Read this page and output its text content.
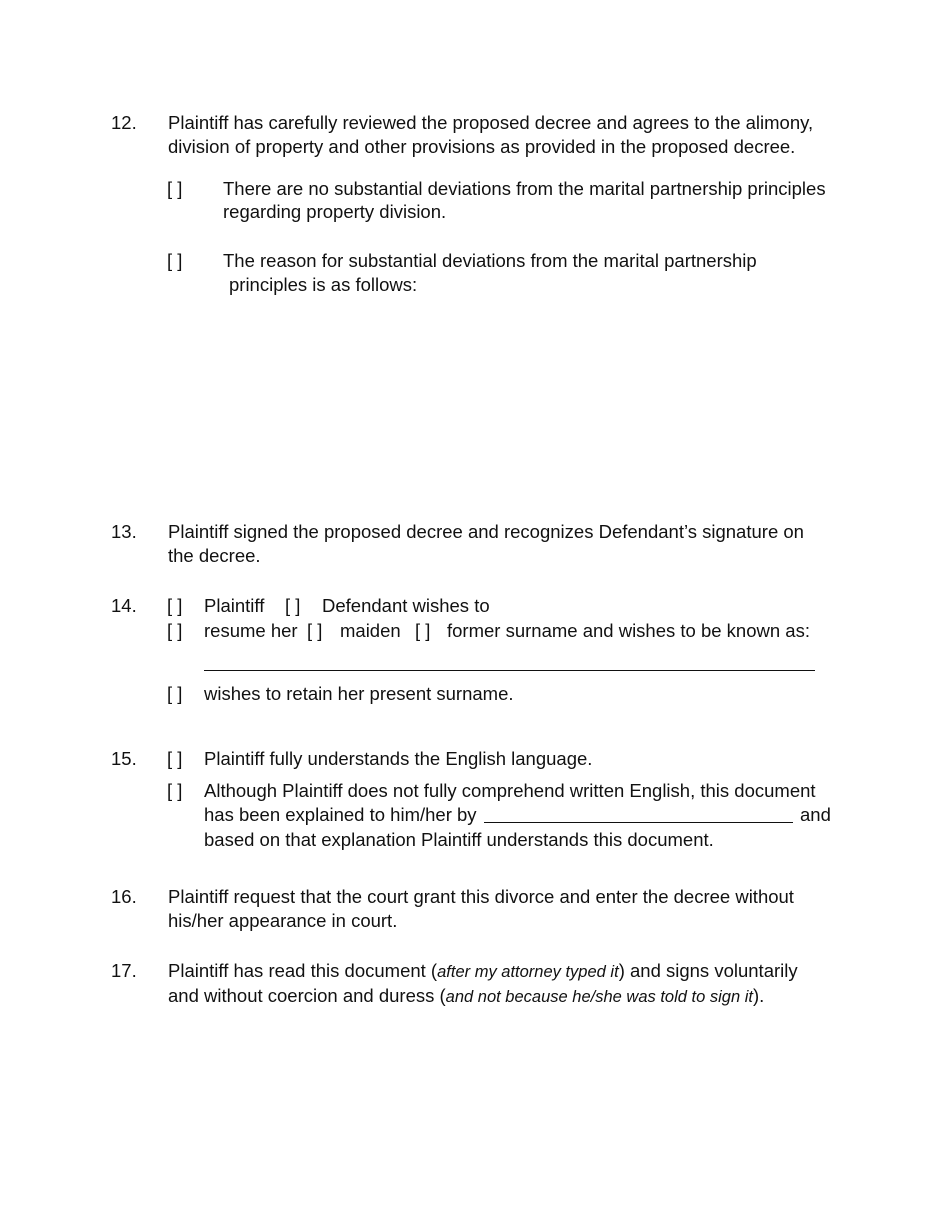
12. Plaintiff has carefully reviewed the proposed decree and agrees to the alimony,
division of property and other provisions as provided in the proposed decree.
[ ] There are no substantial deviations from the marital partnership principles
regarding property division.
[ ] The reason for substantial deviations from the marital partnership
principles is as follows:
13. Plaintiff signed the proposed decree and recognizes Defendant’s signature on
the decree.
14. [ ] Plaintiff [ ] Defendant wishes to
[ ] resume her [ ] maiden [ ] former surname and wishes to be known as:
[ ] wishes to retain her present surname.
15. [ ] Plaintiff fully understands the English language.
[ ] Although Plaintiff does not fully comprehend written English, this document
has been explained to him/her by	and
based on that explanation Plaintiff understands this document.
16. Plaintiff request that the court grant this divorce and enter the decree without
his/her appearance in court.
17. Plaintiff has read this document (after my attorney typed it) and signs voluntarily
and without coercion and duress (and not because he/she was told to sign it).
